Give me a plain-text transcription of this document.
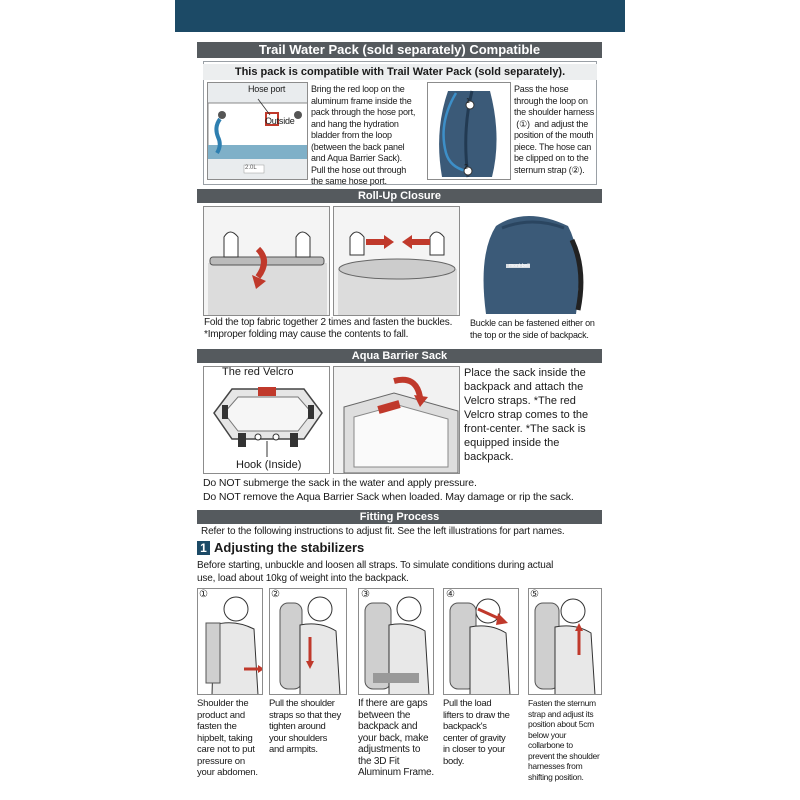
Trail Water Pack (sold separately) Compatible
This pack is compatible with Trail Water Pack (sold separately).
Hose port
Outside
2.0L
Bring the red loop on the
aluminum frame inside the
pack through the hose port,
and hang the hydration
bladder from the loop
(between the back panel
and Aqua Barrier Sack).
Pull the hose out through
the same hose port.
1
2
Pass the hose
through the loop on
the shoulder harness
(①)  and adjust the
position of the mouth
piece. The hose can
be clipped on to the
sternum strap (②).
Roll-Up Closure
mont-bell
Fold the top fabric together 2 times and fasten the buckles.
*Improper folding may cause the contents to fall.
Buckle can be fastened either on
the top or the side of backpack.
Aqua Barrier Sack
The red Velcro
Hook (Inside)
Place the sack inside the
backpack and attach the
Velcro straps. *The red
Velcro strap comes to the
front-center. *The sack is
equipped inside the
backpack.
Do NOT submerge the sack in the water and apply pressure.
Do NOT remove the Aqua Barrier Sack when loaded. May damage or rip the sack.
Fitting Process
Refer to the following instructions to adjust fit. See the left illustrations for part names.
1 Adjusting the stabilizers
Before starting, unbuckle and loosen all straps. To simulate conditions during actual
use, load about 10kg of weight into the backpack.
①	②	③	④	⑤
Shoulder the
product and
fasten the
hipbelt, taking
care not to put
pressure on
your abdomen.
Pull the shoulder
straps so that they
tighten around
your shoulders
and armpits.
If there are gaps
between the
backpack and
your back, make
adjustments to
the 3D Fit
Aluminum Frame.
Pull the load
lifters to draw the
backpack's
center of gravity
in closer to your
body.
Fasten the sternum
strap and adjust its
position about 5cm
below your
collarbone to
prevent the shoulder
harnesses from
shifting position.
